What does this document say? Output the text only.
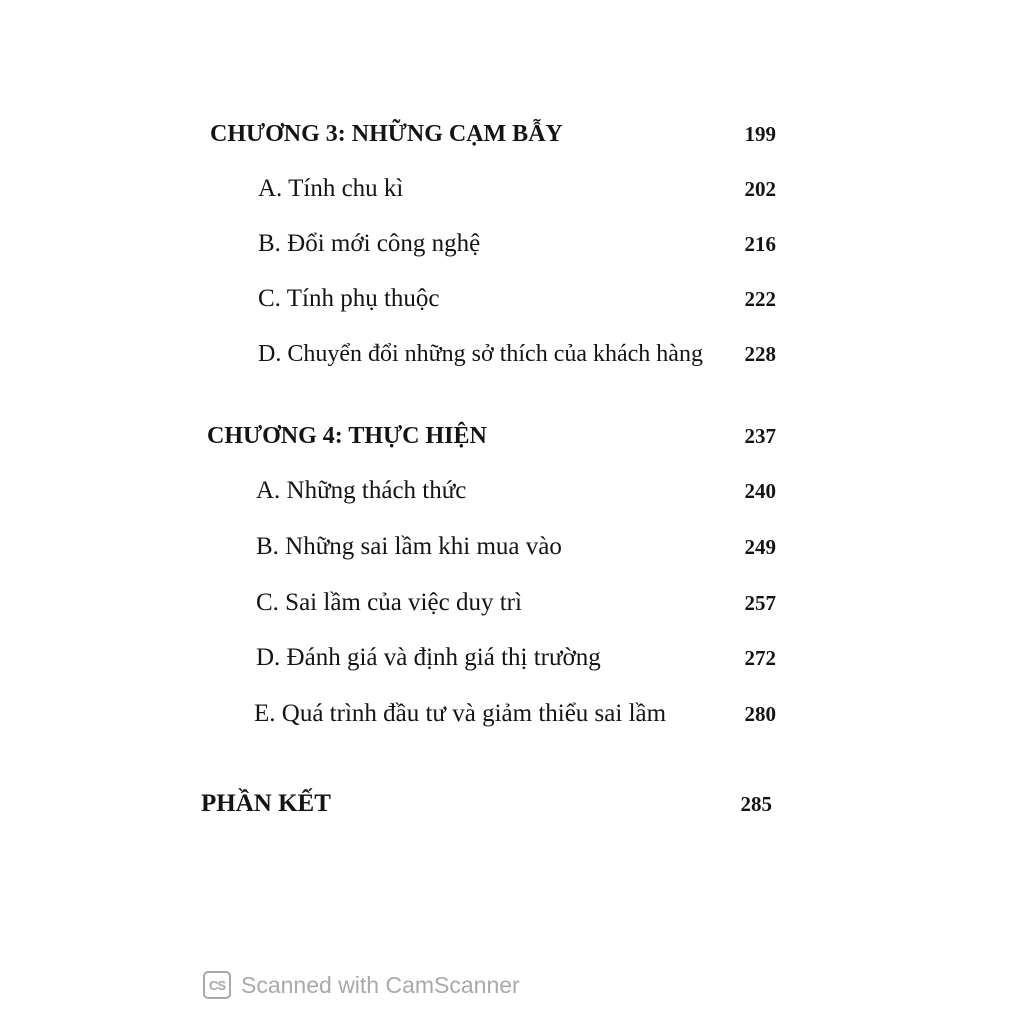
CHƯƠNG 3: NHỮNG CẠM BẪY	199
A. Tính chu kì	202
B. Đổi mới công nghệ	216
C. Tính phụ thuộc	222
D. Chuyển đổi những sở thích của khách hàng 228
CHƯƠNG 4: THỰC HIỆN	237
A. Những thách thức	240
B. Những sai lầm khi mua vào	249
C. Sai lầm của việc duy trì	257
D. Đánh giá và định giá thị trường	272
E. Quá trình đầu tư và giảm thiểu sai lầm	280
PHẦN KẾT	285
CS Scanned with CamScanner
